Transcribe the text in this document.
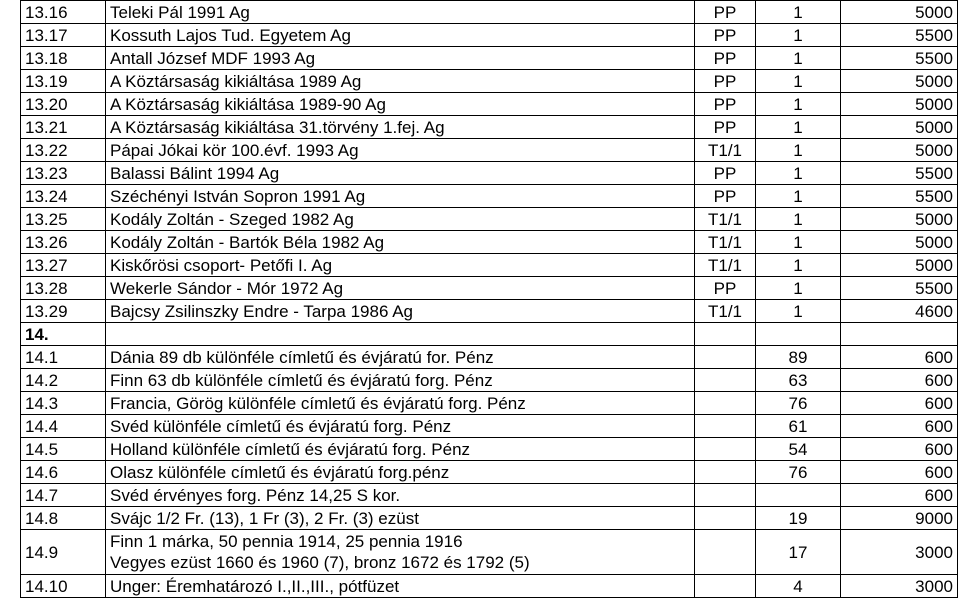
13.16	Teleki Pál 1991 Ag	PP	1	5000
13.17	Kossuth Lajos Tud. Egyetem Ag	PP	1	5500
13.18	Antall József MDF 1993 Ag	PP	1	5500
13.19	A Köztársaság kikiáltása 1989 Ag	PP	1	5000
13.20	A Köztársaság kikiáltása 1989-90 Ag	PP	1	5000
13.21	A Köztársaság kikiáltása 31.törvény 1.fej. Ag	PP	1	5000
13.22	Pápai Jókai kör 100.évf. 1993 Ag	T1/1	1	5000
13.23	Balassi Bálint 1994 Ag	PP	1	5500
13.24	Széchényi István Sopron 1991 Ag	PP	1	5500
13.25	Kodály Zoltán - Szeged 1982 Ag	T1/1	1	5000
13.26	Kodály Zoltán - Bartók Béla 1982 Ag	T1/1	1	5000
13.27	Kiskőrösi csoport- Petőfi I. Ag	T1/1	1	5000
13.28	Wekerle Sándor - Mór 1972 Ag	PP	1	5500
13.29	Bajcsy Zsilinszky Endre - Tarpa 1986 Ag	T1/1	1	4600
14.				
14.1	Dánia 89 db különféle címletű és évjáratú for. Pénz		89	600
14.2	Finn 63 db különféle címletű és évjáratú forg. Pénz		63	600
14.3	Francia, Görög különféle címletű és évjáratú forg. Pénz		76	600
14.4	Svéd különféle címletű és évjáratú forg. Pénz		61	600
14.5	Holland különféle címletű és évjáratú forg. Pénz		54	600
14.6	Olasz különféle címletű és évjáratú forg.pénz		76	600
14.7	Svéd érvényes forg. Pénz 14,25 S kor.			600
14.8	Svájc 1/2 Fr. (13), 1 Fr (3), 2 Fr. (3) ezüst		19	9000
14.9	Finn 1 márka, 50 pennia 1914, 25 pennia 1916
Vegyes ezüst 1660 és 1960 (7), bronz 1672 és 1792 (5)		17	3000
14.10	Unger: Éremhatározó I.,II.,III., pótfüzet		4	3000
